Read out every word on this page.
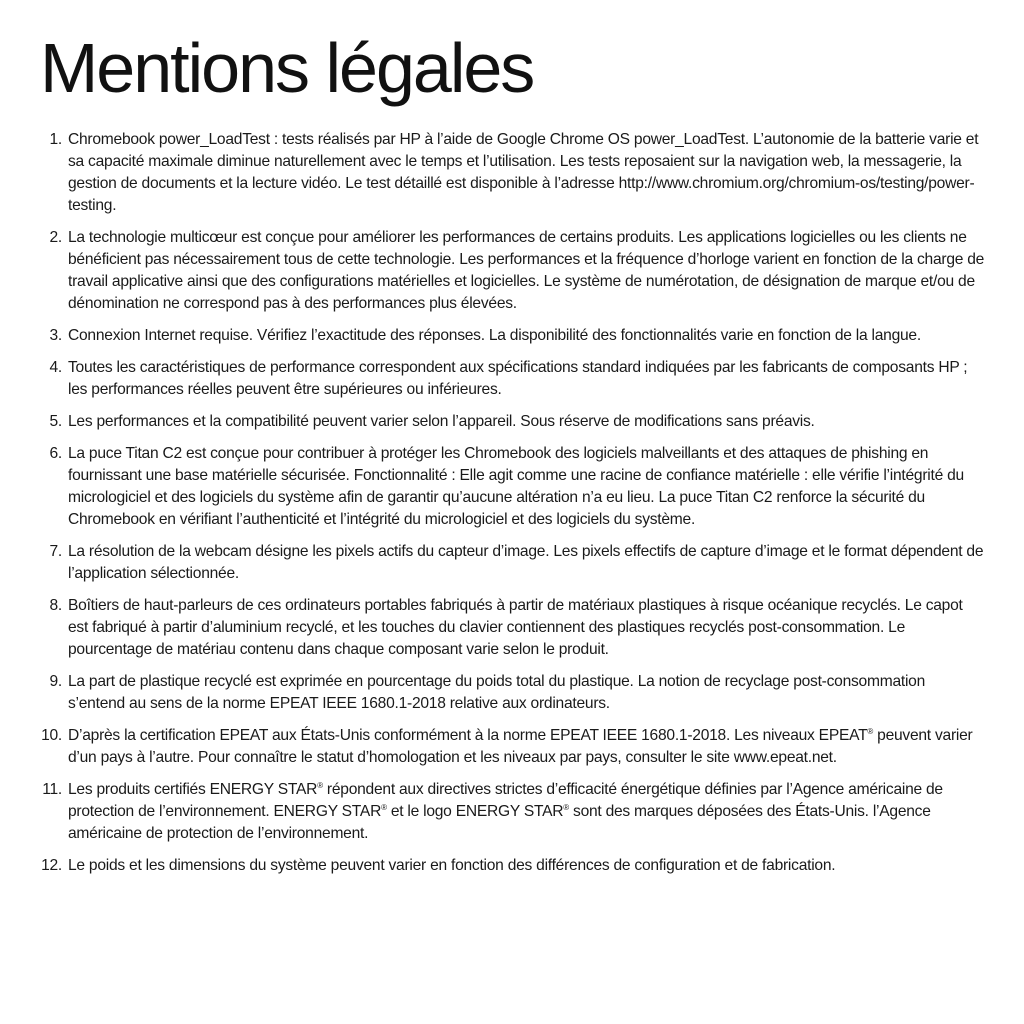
Mentions légales
1. Chromebook power_LoadTest : tests réalisés par HP à l’aide de Google Chrome OS power_LoadTest. L’autonomie de la batterie varie et sa capacité maximale diminue naturellement avec le temps et l’utilisation. Les tests reposaient sur la navigation web, la messagerie, la gestion de documents et la lecture vidéo. Le test détaillé est disponible à l’adresse http://www.chromium.org/chromium-os/testing/power-testing.
2. La technologie multicœur est conçue pour améliorer les performances de certains produits. Les applications logicielles ou les clients ne bénéficient pas nécessairement tous de cette technologie. Les performances et la fréquence d’horloge varient en fonction de la charge de travail applicative ainsi que des configurations matérielles et logicielles. Le système de numérotation, de désignation de marque et/ou de dénomination ne correspond pas à des performances plus élevées.
3. Connexion Internet requise. Vérifiez l’exactitude des réponses. La disponibilité des fonctionnalités varie en fonction de la langue.
4. Toutes les caractéristiques de performance correspondent aux spécifications standard indiquées par les fabricants de composants HP ; les performances réelles peuvent être supérieures ou inférieures.
5. Les performances et la compatibilité peuvent varier selon l’appareil. Sous réserve de modifications sans préavis.
6. La puce Titan C2 est conçue pour contribuer à protéger les Chromebook des logiciels malveillants et des attaques de phishing en fournissant une base matérielle sécurisée. Fonctionnalité : Elle agit comme une racine de confiance matérielle : elle vérifie l’intégrité du micrologiciel et des logiciels du système afin de garantir qu’aucune altération n’a eu lieu. La puce Titan C2 renforce la sécurité du Chromebook en vérifiant l’authenticité et l’intégrité du micrologiciel et des logiciels du système.
7. La résolution de la webcam désigne les pixels actifs du capteur d’image. Les pixels effectifs de capture d’image et le format dépendent de l’application sélectionnée.
8. Boîtiers de haut-parleurs de ces ordinateurs portables fabriqués à partir de matériaux plastiques à risque océanique recyclés. Le capot est fabriqué à partir d’aluminium recyclé, et les touches du clavier contiennent des plastiques recyclés post-consommation. Le pourcentage de matériau contenu dans chaque composant varie selon le produit.
9. La part de plastique recyclé est exprimée en pourcentage du poids total du plastique. La notion de recyclage post-consommation s’entend au sens de la norme EPEAT IEEE 1680.1-2018 relative aux ordinateurs.
10. D’après la certification EPEAT aux États-Unis conformément à la norme EPEAT IEEE 1680.1-2018. Les niveaux EPEAT® peuvent varier d’un pays à l’autre. Pour connaître le statut d’homologation et les niveaux par pays, consulter le site www.epeat.net.
11. Les produits certifiés ENERGY STAR® répondent aux directives strictes d’efficacité énergétique définies par l’Agence américaine de protection de l’environnement. ENERGY STAR® et le logo ENERGY STAR® sont des marques déposées des États-Unis. l’Agence américaine de protection de l’environnement.
12. Le poids et les dimensions du système peuvent varier en fonction des différences de configuration et de fabrication.
